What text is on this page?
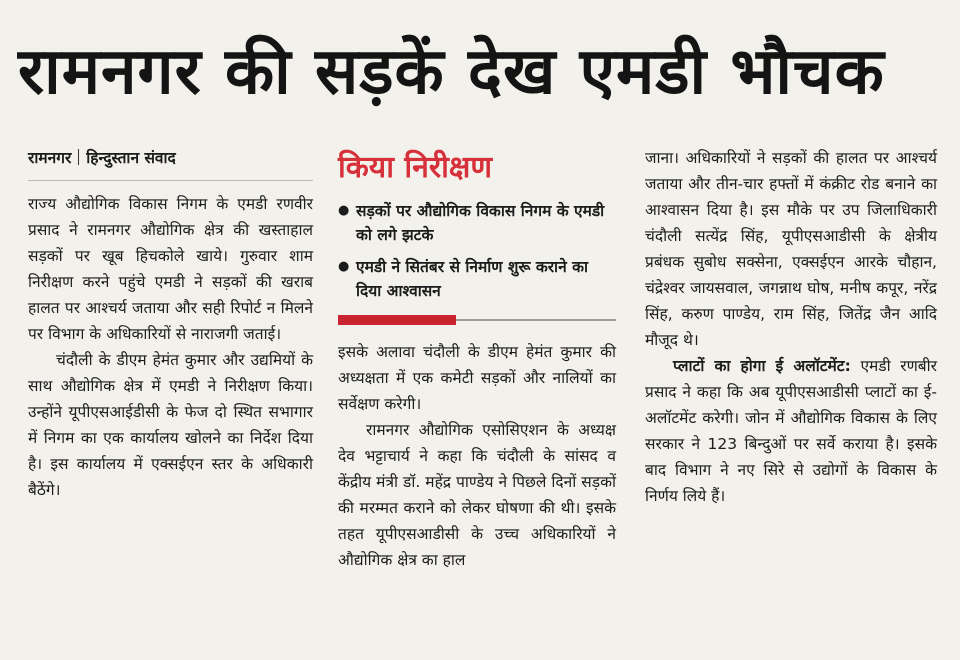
रामनगर की सड़कें देख एमडी भौचक
रामनगर हिन्दुस्तान संवाद

राज्य औद्योगिक विकास निगम के एमडी रणवीर प्रसाद ने रामनगर औद्योगिक क्षेत्र की खस्ताहाल सड़कों पर खूब हिचकोले खाये। गुरुवार शाम निरीक्षण करने पहुंचे एमडी ने सड़कों की खराब हालत पर आश्चर्य जताया और सही रिपोर्ट न मिलने पर विभाग के अधिकारियों से नाराजगी जताई।

चंदौली के डीएम हेमंत कुमार और उद्यमियों के साथ औद्योगिक क्षेत्र में एमडी ने निरीक्षण किया। उन्होंने यूपीएसआईडीसी के फेज दो स्थित सभागार में निगम का एक कार्यालय खोलने का निर्देश दिया है। इस कार्यालय में एक्सईएन स्तर के अधिकारी बैठेंगे।

किया निरीक्षण
● सड़कों पर औद्योगिक विकास निगम के एमडी को लगे झटके
● एमडी ने सितंबर से निर्माण शुरू कराने का दिया आश्वासन

इसके अलावा चंदौली के डीएम हेमंत कुमार की अध्यक्षता में एक कमेटी सड़कों और नालियों का सर्वेक्षण करेगी।

रामनगर औद्योगिक एसोसिएशन के अध्यक्ष देव भट्टाचार्य ने कहा कि चंदौली के सांसद व केंद्रीय मंत्री डॉ. महेंद्र पाण्डेय ने पिछले दिनों सड़कों की मरम्मत कराने को लेकर घोषणा की थी। इसके तहत यूपीएसआडीसी के उच्च अधिकारियों ने औद्योगिक क्षेत्र का हाल

जाना। अधिकारियों ने सड़कों की हालत पर आश्चर्य जताया और तीन-चार हफ्तों में कंक्रीट रोड बनाने का आश्वासन दिया है। इस मौके पर उप जिलाधिकारी चंदौली सत्येंद्र सिंह, यूपीएसआडीसी के क्षेत्रीय प्रबंधक सुबोध सक्सेना, एक्सईएन आरके चौहान, चंद्रेश्वर जायसवाल, जगन्नाथ घोष, मनीष कपूर, नरेंद्र सिंह, करुण पाण्डेय, राम सिंह, जितेंद्र जैन आदि मौजूद थे।

प्लाटों का होगा ई अलॉटमेंट: एमडी रणबीर प्रसाद ने कहा कि अब यूपीएसआडीसी प्लाटों का ई-अलॉटमेंट करेगी। जोन में औद्योगिक विकास के लिए सरकार ने 123 बिन्दुओं पर सर्वे कराया है। इसके बाद विभाग ने नए सिरे से उद्योगों के विकास के निर्णय लिये हैं।
